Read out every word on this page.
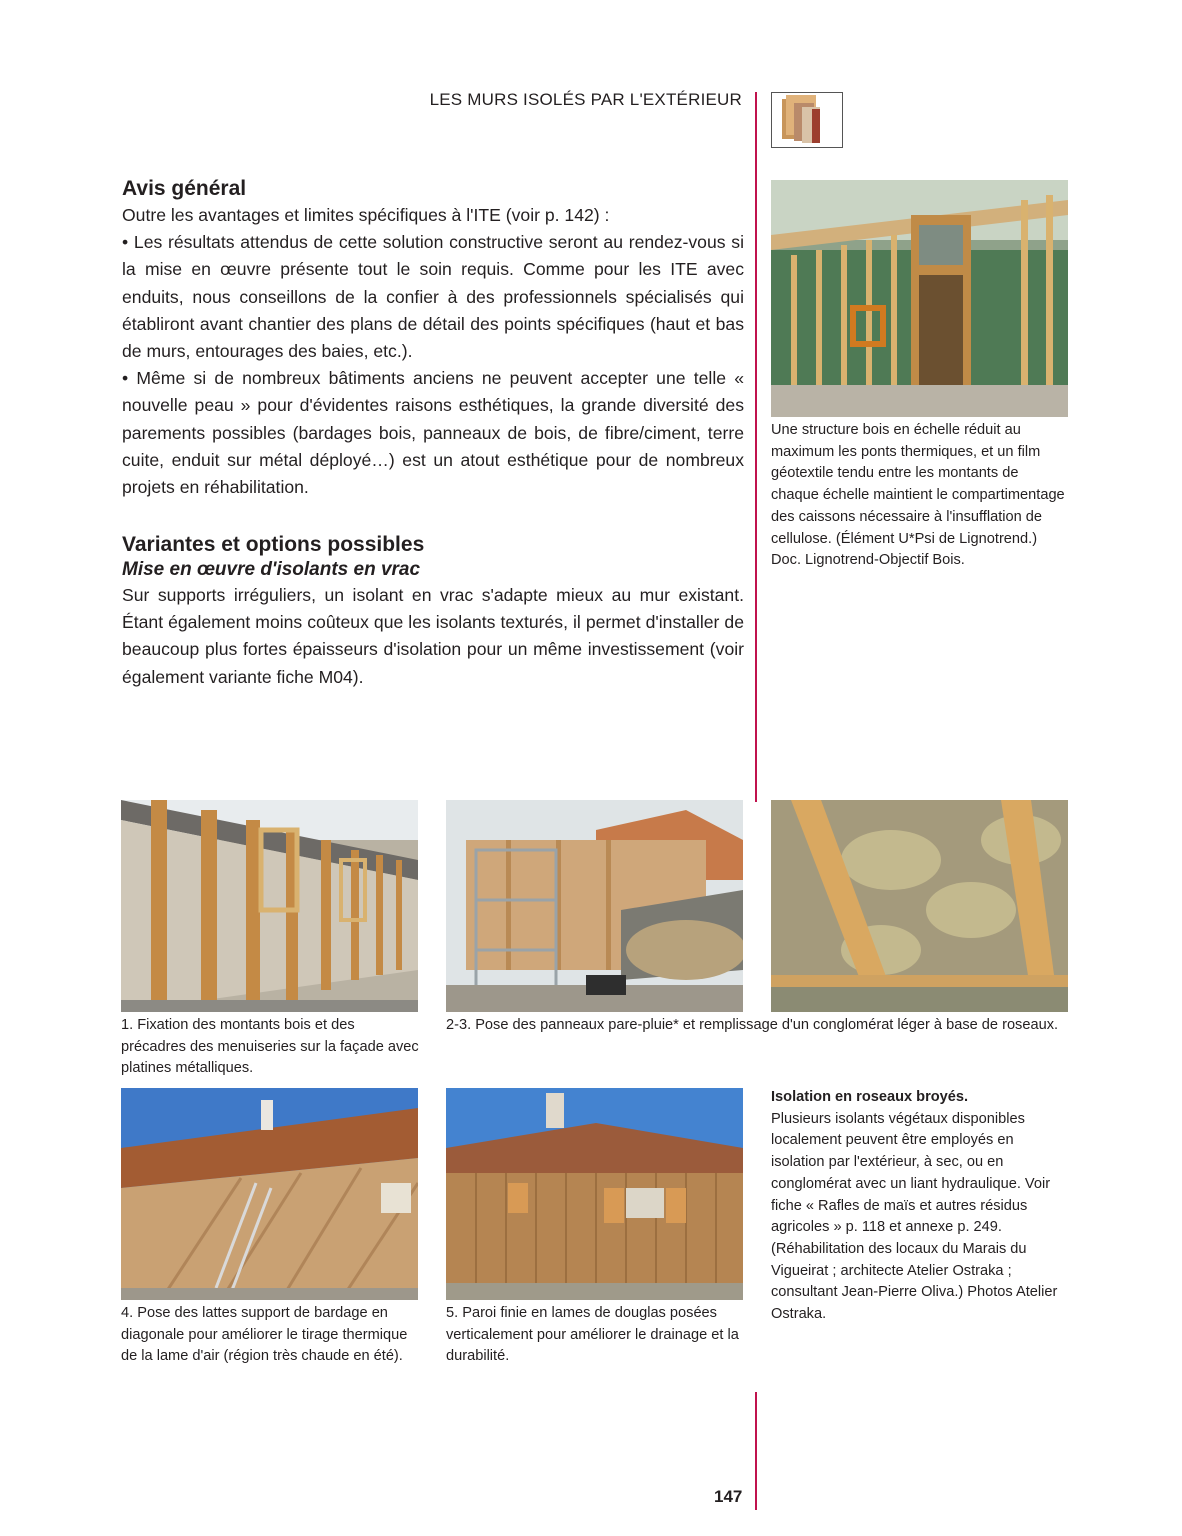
LES MURS ISOLÉS PAR L'EXTÉRIEUR
Avis général

Outre les avantages et limites spécifiques à l'ITE (voir p. 142) :

• Les résultats attendus de cette solution constructive seront au rendez-vous si la mise en œuvre présente tout le soin requis. Comme pour les ITE avec enduits, nous conseillons de la confier à des professionnels spécialisés qui établiront avant chantier des plans de détail des points spécifiques (haut et bas de murs, entourages des baies, etc.).

• Même si de nombreux bâtiments anciens ne peuvent accepter une telle « nouvelle peau » pour d'évidentes raisons esthétiques, la grande diversité des parements possibles (bardages bois, panneaux de bois, de fibre/ciment, terre cuite, enduit sur métal déployé…) est un atout esthétique pour de nombreux projets en réhabilitation.

Variantes et options possibles
Mise en œuvre d'isolants en vrac

Sur supports irréguliers, un isolant en vrac s'adapte mieux au mur existant. Étant également moins coûteux que les isolants texturés, il permet d'installer de beaucoup plus fortes épaisseurs d'isolation pour un même investissement (voir également variante fiche M04).

Une structure bois en échelle réduit au maximum les ponts thermiques, et un film géotextile tendu entre les montants de chaque échelle maintient le compartimentage des caissons nécessaire à l'insufflation de cellulose. (Élément U*Psi de Lignotrend.) Doc. Lignotrend-Objectif Bois.
1. Fixation des montants bois et des précadres des menuiseries sur la façade avec platines métalliques.
2-3. Pose des panneaux pare-pluie* et remplissage d'un conglomérat léger à base de roseaux.
4. Pose des lattes support de bardage en diagonale pour améliorer le tirage thermique de la lame d'air (région très chaude en été).
5. Paroi finie en lames de douglas posées verticalement pour améliorer le drainage et la durabilité.
Isolation en roseaux broyés.
Plusieurs isolants végétaux disponibles localement peuvent être employés en isolation par l'extérieur, à sec, ou en conglomérat avec un liant hydraulique. Voir fiche « Rafles de maïs et autres résidus agricoles » p. 118 et annexe p. 249. (Réhabilitation des locaux du Marais du Vigueirat ; architecte Atelier Ostraka ; consultant Jean-Pierre Oliva.) Photos Atelier Ostraka.
147
